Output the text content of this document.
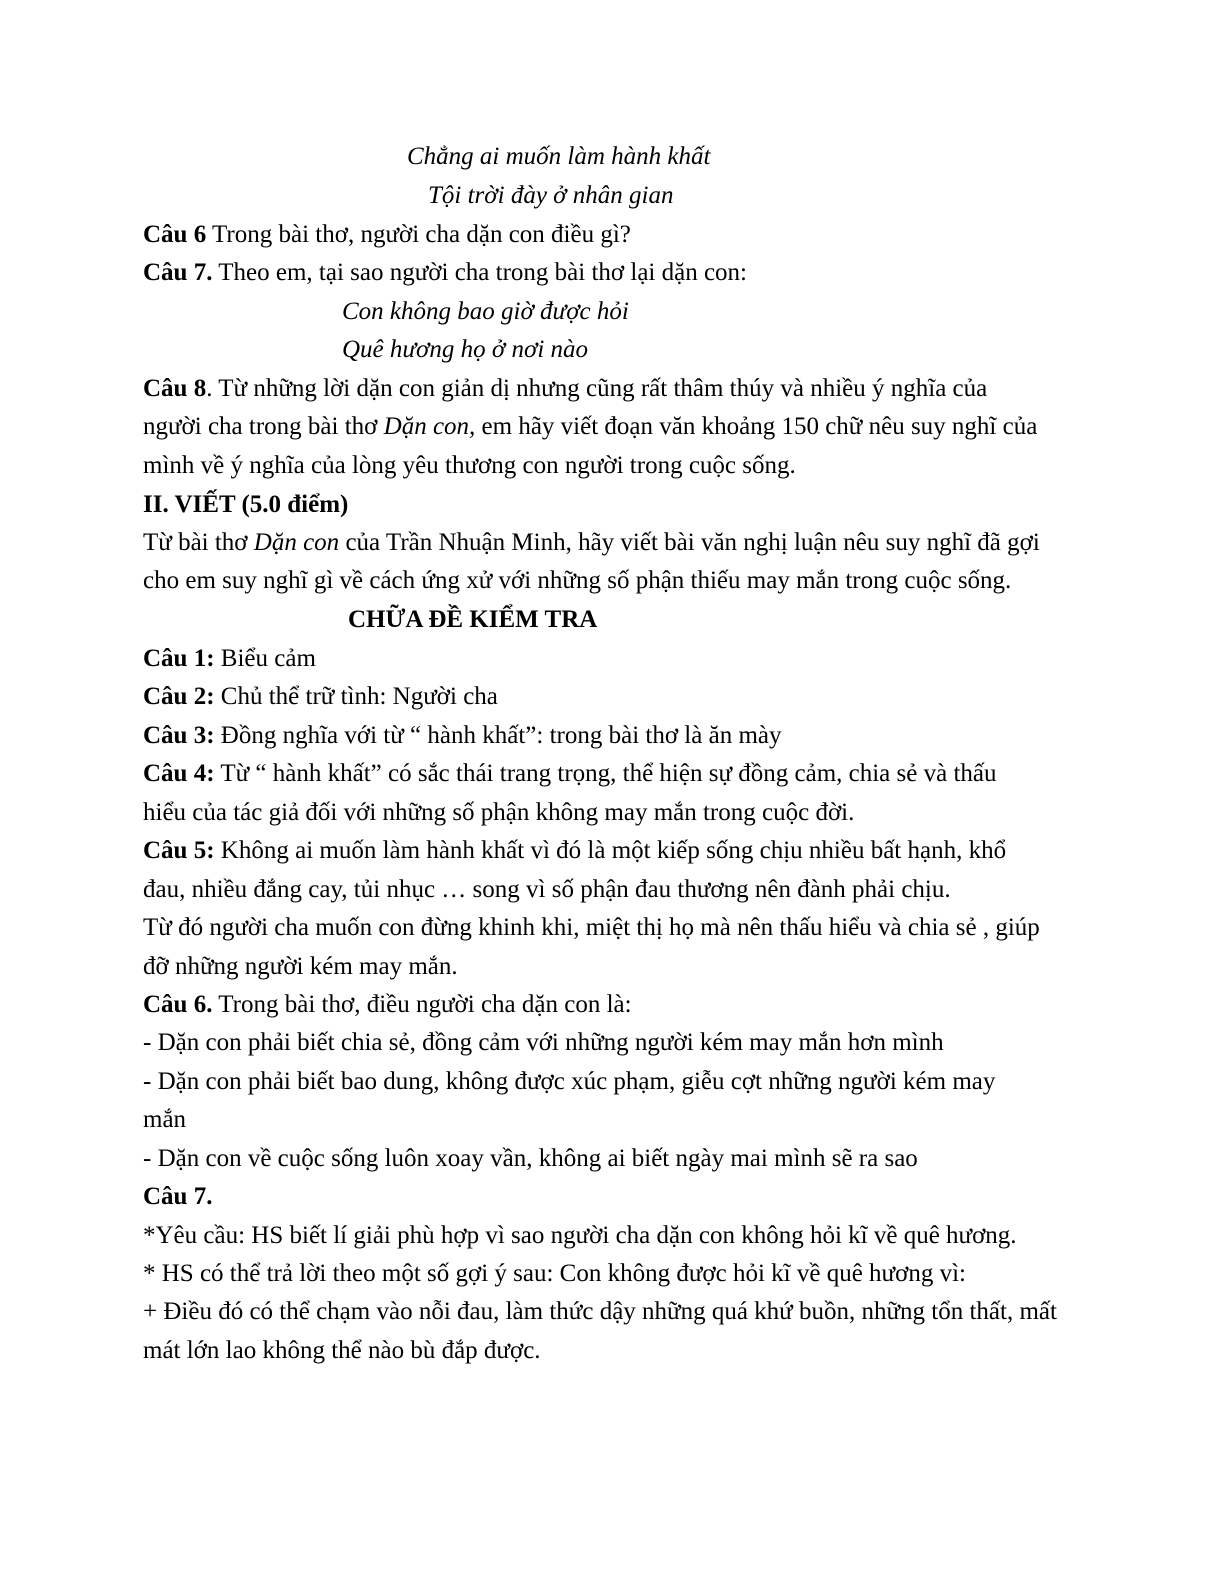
Chẳng ai muốn làm hành khất

Tội trời đày ở nhân gian

Câu 6 Trong bài thơ, người cha dặn con điều gì?

Câu 7. Theo em, tại sao người cha trong bài thơ lại dặn con:

Con không bao giờ được hỏi

Quê hương họ ở nơi nào

Câu 8. Từ những lời dặn con giản dị nhưng cũng rất thâm thúy và nhiều ý nghĩa của

người cha trong bài thơ Dặn con, em hãy viết đoạn văn khoảng 150 chữ nêu suy nghĩ của

mình về ý nghĩa của lòng yêu thương con người trong cuộc sống.

II. VIẾT (5.0 điểm)

Từ bài thơ Dặn con của Trần Nhuận Minh, hãy viết bài văn nghị luận nêu suy nghĩ đã gợi

cho em suy nghĩ gì về cách ứng xử với những số phận thiếu may mắn trong cuộc sống.

CHỮA ĐỀ KIỂM TRA

Câu 1: Biểu cảm

Câu 2: Chủ thể trữ tình: Người cha

Câu 3: Đồng nghĩa với từ “ hành khất”: trong bài thơ là ăn mày

Câu 4: Từ “ hành khất” có sắc thái trang trọng, thể hiện sự đồng cảm, chia sẻ và thấu

hiểu của tác giả đối với những số phận không may mắn trong cuộc đời.

Câu 5: Không ai muốn làm hành khất vì đó là một kiếp sống chịu nhiều bất hạnh, khổ

đau, nhiều đắng cay, tủi nhục … song vì số phận đau thương nên đành phải chịu.

Từ đó người cha muốn con đừng khinh khi, miệt thị họ mà nên thấu hiểu và chia sẻ , giúp

đỡ những người kém may mắn.

Câu 6. Trong bài thơ, điều người cha dặn con là:

- Dặn con phải biết chia sẻ, đồng cảm với những người kém may mắn hơn mình

- Dặn con phải biết bao dung, không được xúc phạm, giễu cợt những người kém may

mắn

- Dặn con về cuộc sống luôn xoay vần, không ai biết ngày mai mình sẽ ra sao

Câu 7.

*Yêu cầu: HS biết lí giải phù hợp vì sao người cha dặn con không hỏi kĩ về quê hương.

* HS có thể trả lời theo một số gợi ý sau: Con không được hỏi kĩ về quê hương vì:

+ Điều đó có thể chạm vào nỗi đau, làm thức dậy những quá khứ buồn, những tổn thất, mất

mát lớn lao không thể nào bù đắp được.
